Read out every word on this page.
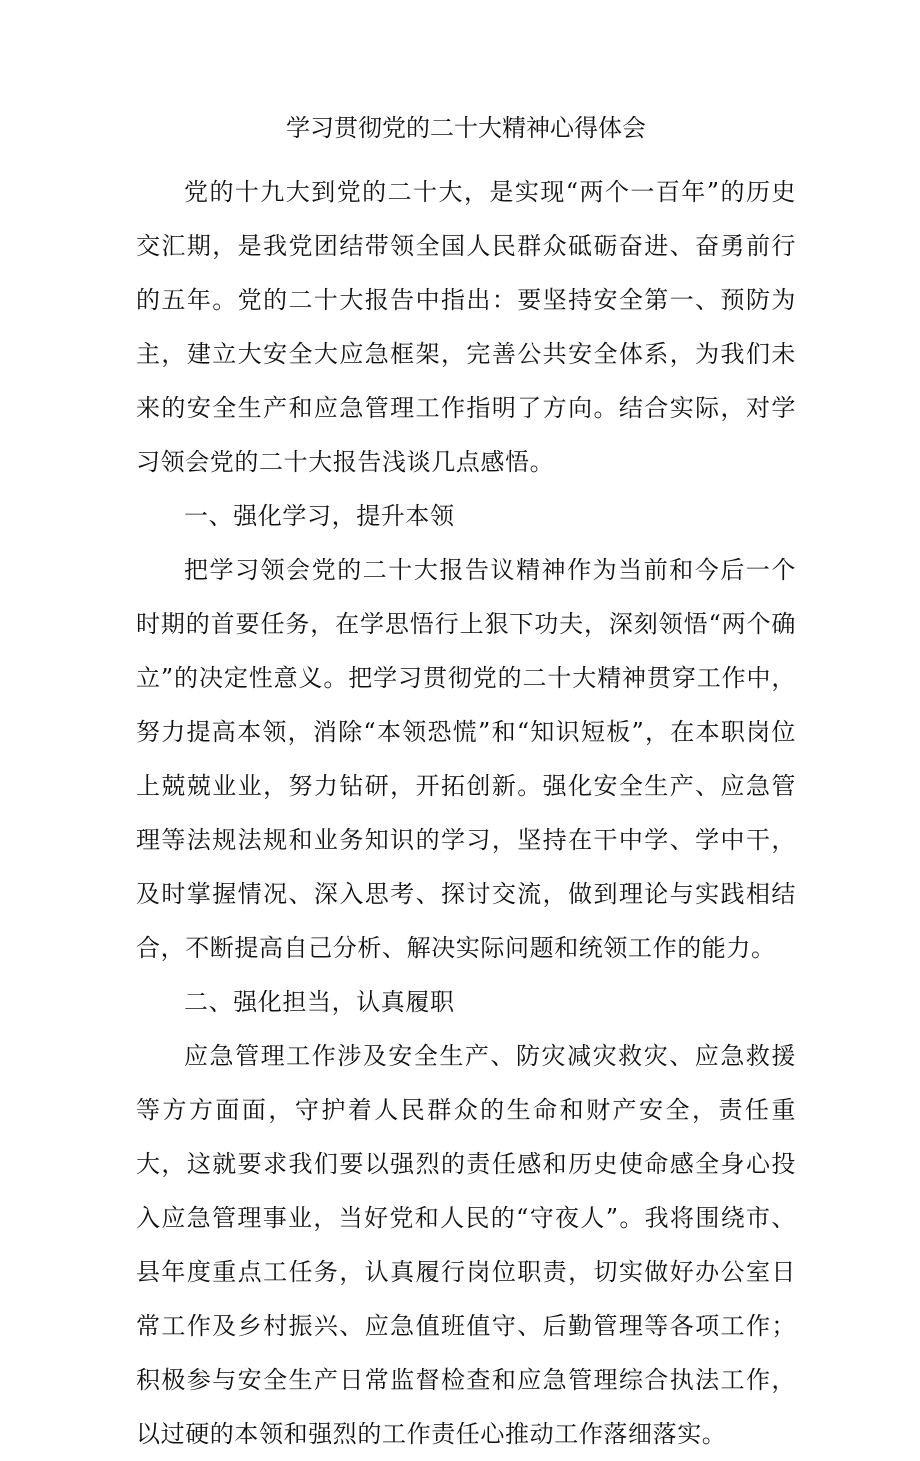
学习贯彻党的二十大精神心得体会

党的十九大到党的二十大，是实现“两个一百年”的历史交汇期，是我党团结带领全国人民群众砥砺奋进、奋勇前行的五年。党的二十大报告中指出：要坚持安全第一、预防为主，建立大安全大应急框架，完善公共安全体系，为我们未来的安全生产和应急管理工作指明了方向。结合实际，对学习领会党的二十大报告浅谈几点感悟。

一、强化学习，提升本领

把学习领会党的二十大报告议精神作为当前和今后一个时期的首要任务，在学思悟行上狠下功夫，深刻领悟“两个确立”的决定性意义。把学习贯彻党的二十大精神贯穿工作中，努力提高本领，消除“本领恐慌”和“知识短板”，在本职岗位上兢兢业业，努力钻研，开拓创新。强化安全生产、应急管理等法规法规和业务知识的学习，坚持在干中学、学中干，及时掌握情况、深入思考、探讨交流，做到理论与实践相结合，不断提高自己分析、解决实际问题和统领工作的能力。

二、强化担当，认真履职

应急管理工作涉及安全生产、防灾减灾救灾、应急救援等方方面面，守护着人民群众的生命和财产安全，责任重大，这就要求我们要以强烈的责任感和历史使命感全身心投入应急管理事业，当好党和人民的“守夜人”。我将围绕市、县年度重点工任务，认真履行岗位职责，切实做好办公室日常工作及乡村振兴、应急值班值守、后勤管理等各项工作；积极参与安全生产日常监督检查和应急管理综合执法工作，以过硬的本领和强烈的工作责任心推动工作落细落实。
